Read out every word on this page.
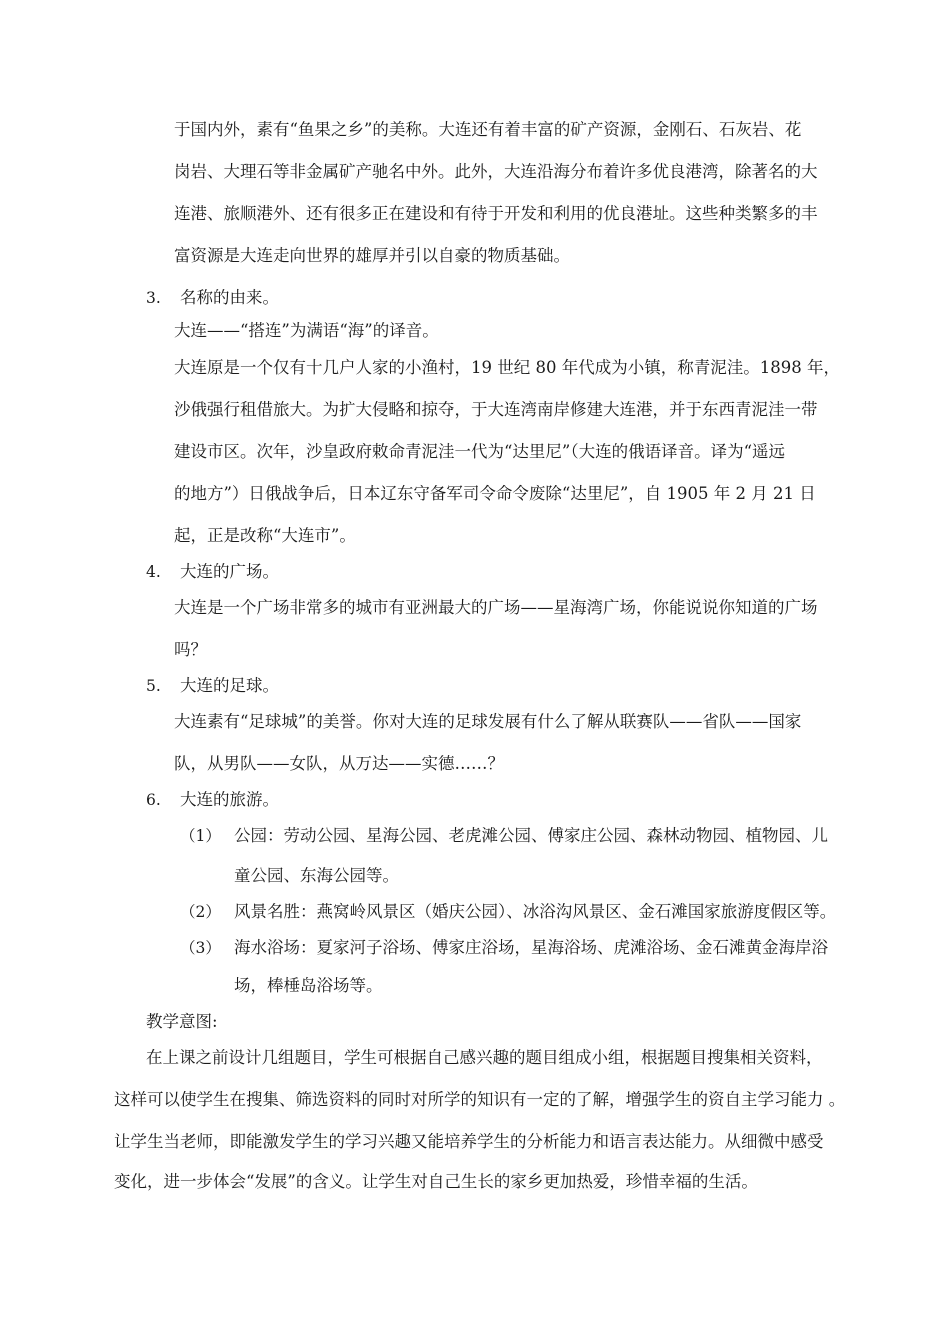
于国内外，素有“鱼果之乡”的美称。大连还有着丰富的矿产资源，金刚石、石灰岩、花
岗岩、大理石等非金属矿产驰名中外。此外，大连沿海分布着许多优良港湾，除著名的大
连港、旅顺港外、还有很多正在建设和有待于开发和利用的优良港址。这些种类繁多的丰
富资源是大连走向世界的雄厚并引以自豪的物质基础。
3. 名称的由来。
大连——“搭连”为满语“海”的译音。
大连原是一个仅有十几户人家的小渔村，19 世纪 80 年代成为小镇，称青泥洼。1898 年，
沙俄强行租借旅大。为扩大侵略和掠夺，于大连湾南岸修建大连港，并于东西青泥洼一带
建设市区。次年，沙皇政府敕命青泥洼一代为“达里尼”（大连的俄语译音。译为“遥远
的地方”）日俄战争后，日本辽东守备军司令命令废除“达里尼”，自 1905 年 2 月 21 日
起，正是改称“大连市”。
4. 大连的广场。
大连是一个广场非常多的城市有亚洲最大的广场——星海湾广场，你能说说你知道的广场
吗？
5. 大连的足球。
大连素有“足球城”的美誉。你对大连的足球发展有什么了解从联赛队——省队——国家
队，从男队——女队，从万达——实德……？
6. 大连的旅游。
（1） 公园：劳动公园、星海公园、老虎滩公园、傅家庄公园、森林动物园、植物园、儿
童公园、东海公园等。
（2） 风景名胜：燕窝岭风景区（婚庆公园）、冰浴沟风景区、金石滩国家旅游度假区等。
（3） 海水浴场：夏家河子浴场、傅家庄浴场，星海浴场、虎滩浴场、金石滩黄金海岸浴
场，棒棰岛浴场等。
教学意图:
在上课之前设计几组题目，学生可根据自己感兴趣的题目组成小组，根据题目搜集相关资料，
这样可以使学生在搜集、筛选资料的同时对所学的知识有一定的了解，增强学生的资自主学习能力 。
让学生当老师，即能激发学生的学习兴趣又能培养学生的分析能力和语言表达能力。从细微中感受
变化，进一步体会“发展”的含义。让学生对自己生长的家乡更加热爱，珍惜幸福的生活。
